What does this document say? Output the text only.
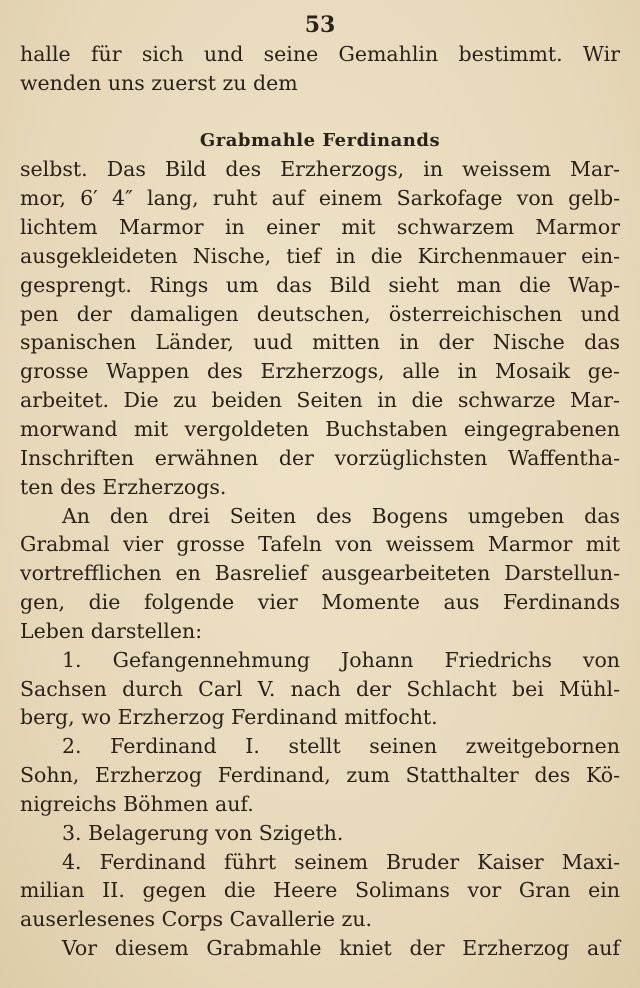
53
halle für sich und seine Gemahlin bestimmt. Wir
wenden uns zuerst zu dem
Grabmahle Ferdinands
selbst. Das Bild des Erzherzogs, in weissem Mar-
mor, 6′ 4″ lang, ruht auf einem Sarkofage von gelb-
lichtem Marmor in einer mit schwarzem Marmor
ausgekleideten Nische, tief in die Kirchenmauer ein-
gesprengt. Rings um das Bild sieht man die Wap-
pen der damaligen deutschen, österreichischen und
spanischen Länder, uud mitten in der Nische das
grosse Wappen des Erzherzogs, alle in Mosaik ge-
arbeitet. Die zu beiden Seiten in die schwarze Mar-
morwand mit vergoldeten Buchstaben eingegrabenen
Inschriften erwähnen der vorzüglichsten Waffentha-
ten des Erzherzogs.
An den drei Seiten des Bogens umgeben das
Grabmal vier grosse Tafeln von weissem Marmor mit
vortrefflichen en Basrelief ausgearbeiteten Darstellun-
gen, die folgende vier Momente aus Ferdinands
Leben darstellen:
1. Gefangennehmung Johann Friedrichs von
Sachsen durch Carl V. nach der Schlacht bei Mühl-
berg, wo Erzherzog Ferdinand mitfocht.
2. Ferdinand I. stellt seinen zweitgebornen
Sohn, Erzherzog Ferdinand, zum Statthalter des Kö-
nigreichs Böhmen auf.
3. Belagerung von Szigeth.
4. Ferdinand führt seinem Bruder Kaiser Maxi-
milian II. gegen die Heere Solimans vor Gran ein
auserlesenes Corps Cavallerie zu.
Vor diesem Grabmahle kniet der Erzherzog auf
